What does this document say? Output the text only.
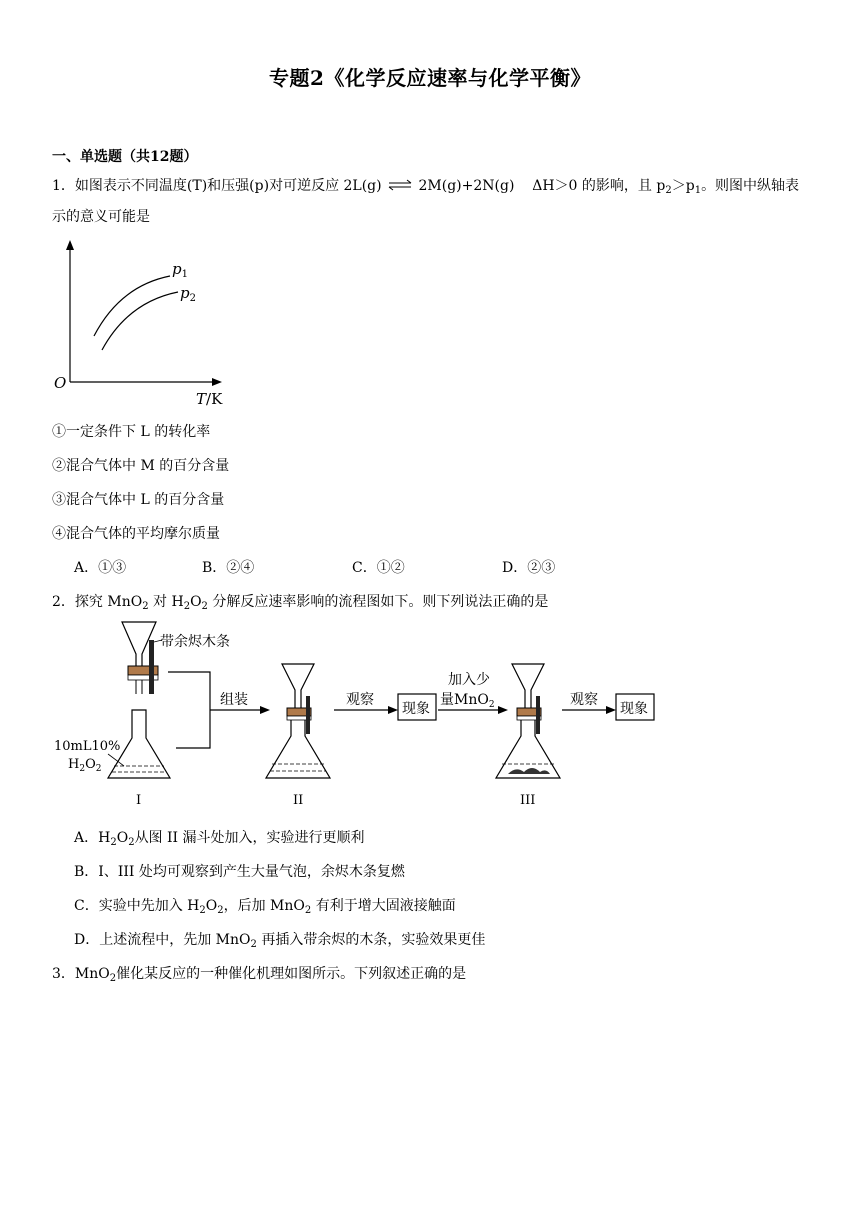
专题2《化学反应速率与化学平衡》
一、单选题（共12题）
1．如图表示不同温度(T)和压强(p)对可逆反应 2L(g) ⇌ 2M(g)+2N(g) ΔH＞0 的影响，且 $p_2>p_1$。则图中纵轴表
示的意义可能是
O
$p_1$
$p_2$
T/K
①一定条件下 L 的转化率
②混合气体中 M 的百分含量
③混合气体中 L 的百分含量
④混合气体的平均摩尔质量
A．①③	B．②④	C．①②	D．②③
2．探究 MnO$_2$ 对 $H_2O_2$ 分解反应速率影响的流程图如下。则下列说法正确的是
带余烬木条
10mL10%
$H_2O_2$
I
组装
II
观察
现象
加入少
量MnO$_2$
III
观察
现象
A．$H_2O_2$从图 II 漏斗处加入，实验进行更顺利
B．I、III 处均可观察到产生大量气泡，余烬木条复燃
C．实验中先加入 $H_2O_2$，后加 MnO$_2$ 有利于增大固液接触面
D．上述流程中，先加 MnO$_2$ 再插入带余烬的木条，实验效果更佳
3．MnO$_2$催化某反应的一种催化机理如图所示。下列叙述正确的是
